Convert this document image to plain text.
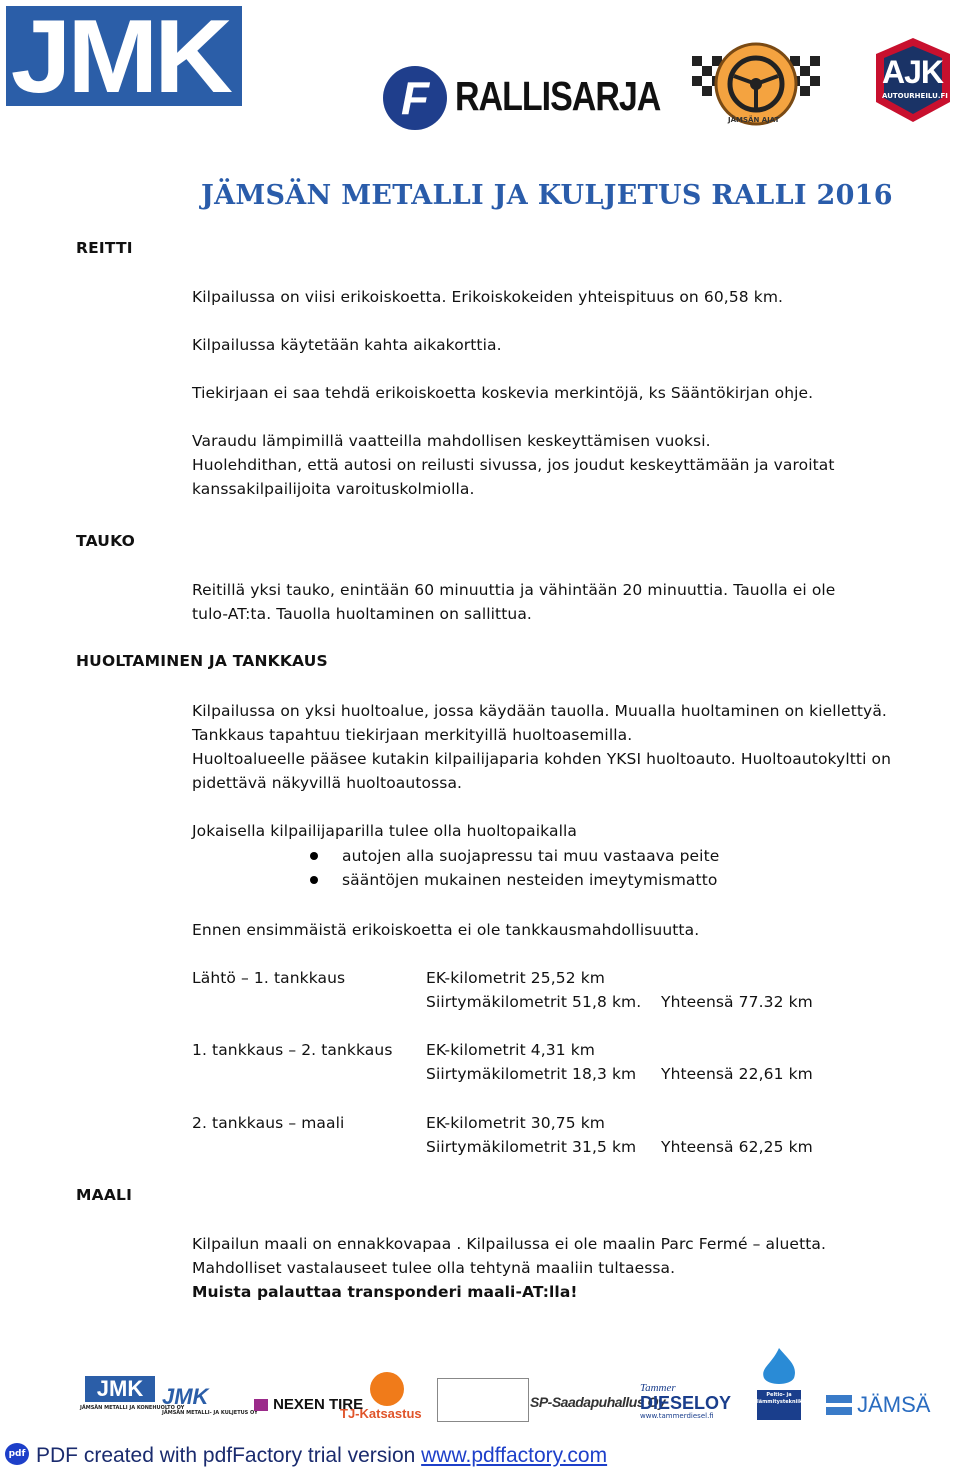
JMK	F RALLISARJA
JÄMSÄN AJAT
AJK
AUTOURHEILU.FI
JÄMSÄN METALLI JA KULJETUS RALLI 2016
REITTI
Kilpailussa on viisi erikoiskoetta. Erikoiskokeiden yhteispituus on 60,58 km.
Kilpailussa käytetään kahta aikakorttia.
Tiekirjaan ei saa tehdä erikoiskoetta koskevia merkintöjä, ks Sääntökirjan ohje.
Varaudu lämpimillä vaatteilla mahdollisen keskeyttämisen vuoksi.
Huolehdithan, että autosi on reilusti sivussa, jos joudut keskeyttämään ja varoitat
kanssakilpailijoita varoituskolmiolla.
TAUKO
Reitillä yksi tauko, enintään 60 minuuttia ja vähintään 20 minuuttia. Tauolla ei ole
tulo-AT:ta. Tauolla huoltaminen on sallittua.
HUOLTAMINEN JA TANKKAUS
Kilpailussa on yksi huoltoalue, jossa käydään tauolla. Muualla huoltaminen on kiellettyä.
Tankkaus tapahtuu tiekirjaan merkityillä huoltoasemilla.
Huoltoalueelle pääsee kutakin kilpailijaparia kohden YKSI huoltoauto. Huoltoautokyltti on
pidettävä näkyvillä huoltoautossa.
Jokaisella kilpailijaparilla tulee olla huoltopaikalla
autojen alla suojapressu tai muu vastaava peite
sääntöjen mukainen nesteiden imeytymismatto
Ennen ensimmäistä erikoiskoetta ei ole tankkausmahdollisuutta.
Lähtö – 1. tankkaus	EK-kilometrit 25,52 km
Siirtymäkilometrit 51,8 km. Yhteensä 77.32 km
1. tankkaus – 2. tankkaus EK-kilometrit 4,31 km
Siirtymäkilometrit 18,3 km Yhteensä 22,61 km
2. tankkaus – maali	EK-kilometrit 30,75 km
Siirtymäkilometrit 31,5 km Yhteensä 62,25 km
MAALI
Kilpailun maali on ennakkovapaa . Kilpailussa ei ole maalin Parc Fermé – aluetta.
Mahdolliset vastalauseet tulee olla tehtynä maaliin tultaessa.
Muista palauttaa transponderi maali-AT:lla!
JMK
JÄMSÄN METALLI JA KONEHUOLTO OY
JMK
JÄMSÄN METALLI- JA KULJETUS OY	NEXEN TIRE
TJ-Katsastus
SP-Saadapuhallus Oy
Tammer
DIESELOY
www.tammerdiesel.fi
Peltio- ja lämmitystekniikka	JÄMSÄ
pdf PDF created with pdfFactory trial version www.pdffactory.com
